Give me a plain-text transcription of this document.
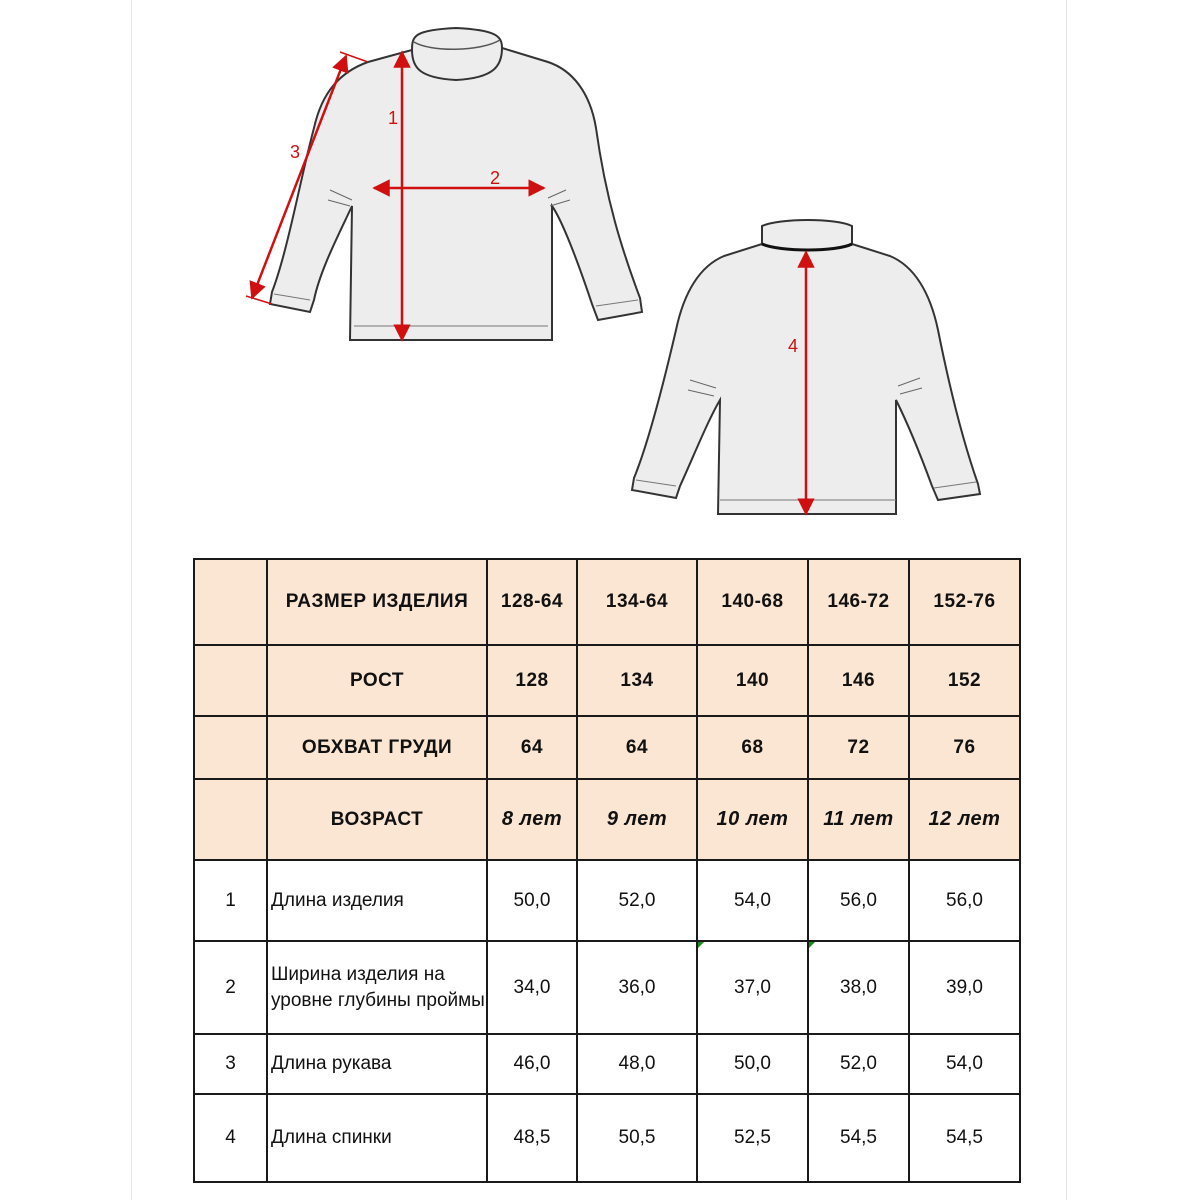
1
2
3
4
	РАЗМЕР ИЗДЕЛИЯ	128-64	134-64	140-68	146-72	152-76
	РОСТ	128	134	140	146	152
	ОБХВАТ ГРУДИ	64	64	68	72	76
	ВОЗРАСТ	8 лет	9 лет	10 лет	11 лет	12 лет
1	Длина изделия	50,0	52,0	54,0	56,0	56,0
2	Ширина изделия на уровне глубины проймы	34,0	36,0	37,0	38,0	39,0
3	Длина рукава	46,0	48,0	50,0	52,0	54,0
4	Длина спинки	48,5	50,5	52,5	54,5	54,5
